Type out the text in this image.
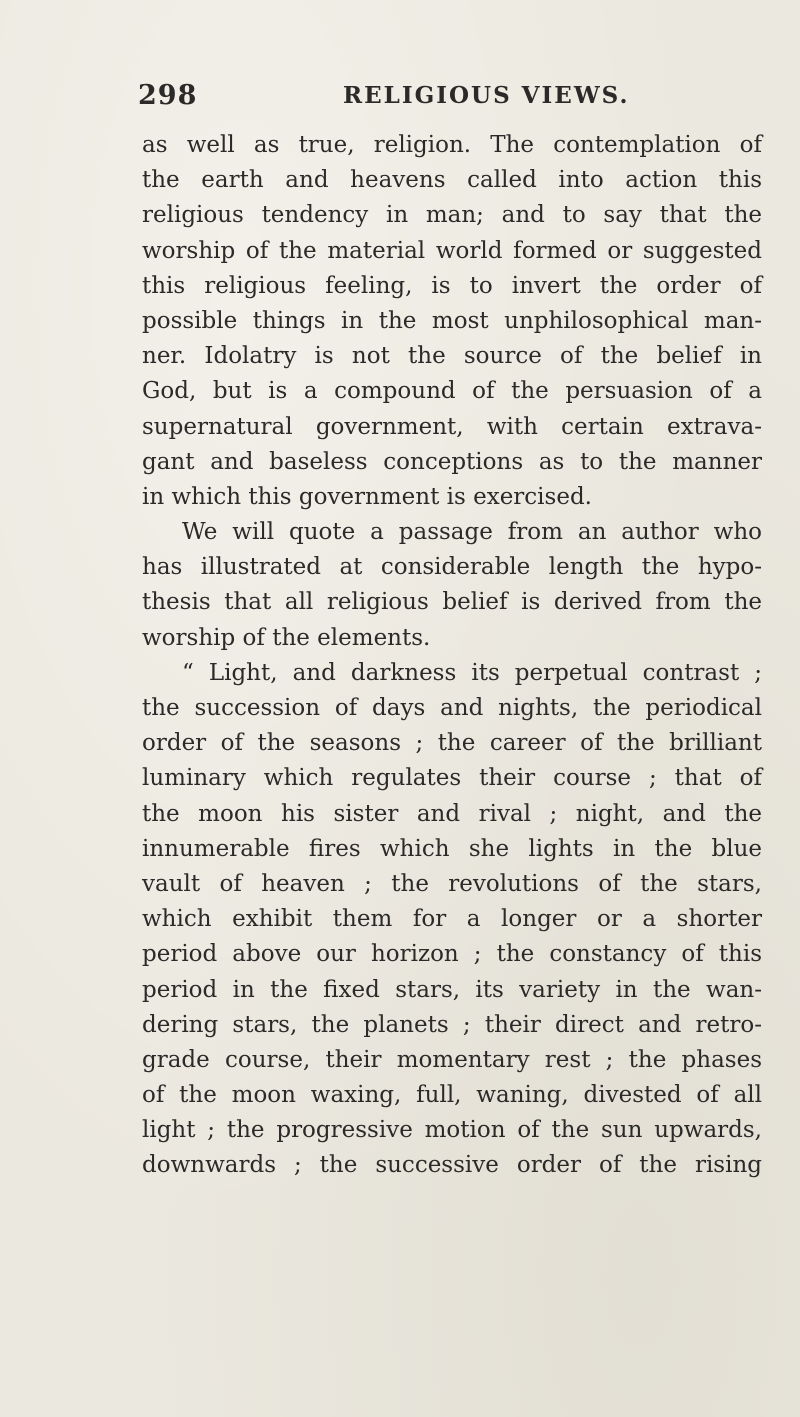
298	RELIGIOUS VIEWS.
as well as true, religion. The contemplation of
the earth and heavens called into action this
religious tendency in man; and to say that the
worship of the material world formed or suggested
this religious feeling, is to invert the order of
possible things in the most unphilosophical man-
ner. Idolatry is not the source of the belief in
God, but is a compound of the persuasion of a
supernatural government, with certain extrava-
gant and baseless conceptions as to the manner
in which this government is exercised.
We will quote a passage from an author who
has illustrated at considerable length the hypo-
thesis that all religious belief is derived from the
worship of the elements.
“ Light, and darkness its perpetual contrast ;
the succession of days and nights, the periodical
order of the seasons ; the career of the brilliant
luminary which regulates their course ; that of
the moon his sister and rival ; night, and the
innumerable fires which she lights in the blue
vault of heaven ; the revolutions of the stars,
which exhibit them for a longer or a shorter
period above our horizon ; the constancy of this
period in the fixed stars, its variety in the wan-
dering stars, the planets ; their direct and retro-
grade course, their momentary rest ; the phases
of the moon waxing, full, waning, divested of all
light ; the progressive motion of the sun upwards,
downwards ; the successive order of the rising
